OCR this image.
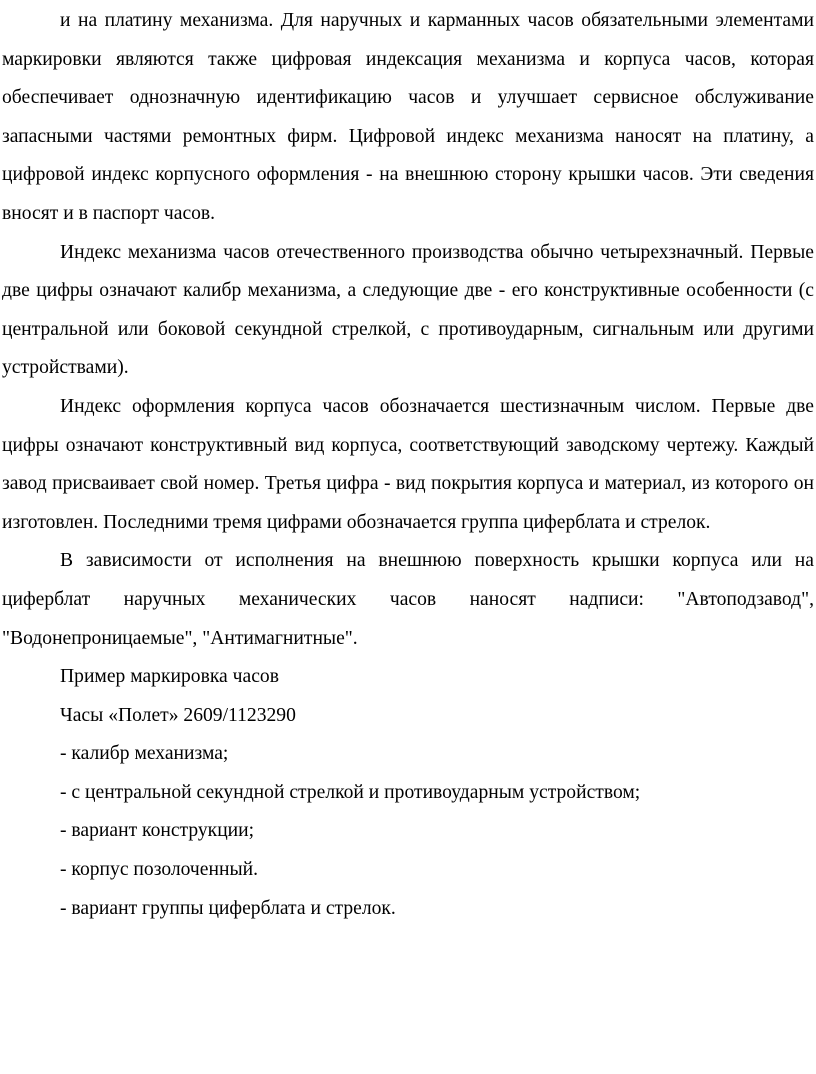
и на платину механизма. Для наручных и карманных часов обязательными элементами маркировки являются также цифровая индексация механизма и корпуса часов, которая обеспечивает однозначную идентификацию часов и улучшает сервисное обслуживание запасными частями ремонтных фирм. Цифровой индекс механизма наносят на платину, а цифровой индекс корпусного оформления - на внешнюю сторону крышки часов. Эти сведения вносят и в паспорт часов.

Индекс механизма часов отечественного производства обычно четырехзначный. Первые две цифры означают калибр механизма, а следующие две - его конструктивные особенности (с центральной или боковой секундной стрелкой, с противоударным, сигнальным или другими устройствами).

Индекс оформления корпуса часов обозначается шестизначным числом. Первые две цифры означают конструктивный вид корпуса, соответствующий заводскому чертежу. Каждый завод присваивает свой номер. Третья цифра - вид покрытия корпуса и материал, из которого он изготовлен. Последними тремя цифрами обозначается группа циферблата и стрелок.

В зависимости от исполнения на внешнюю поверхность крышки корпуса или на циферблат наручных механических часов наносят надписи: "Автоподзавод", "Водонепроницаемые", "Антимагнитные".

Пример маркировка часов

Часы «Полет» 2609/1123290

- калибр механизма;

- с центральной секундной стрелкой и противоударным устройством;

- вариант конструкции;

- корпус позолоченный.

- вариант группы циферблата и стрелок.
